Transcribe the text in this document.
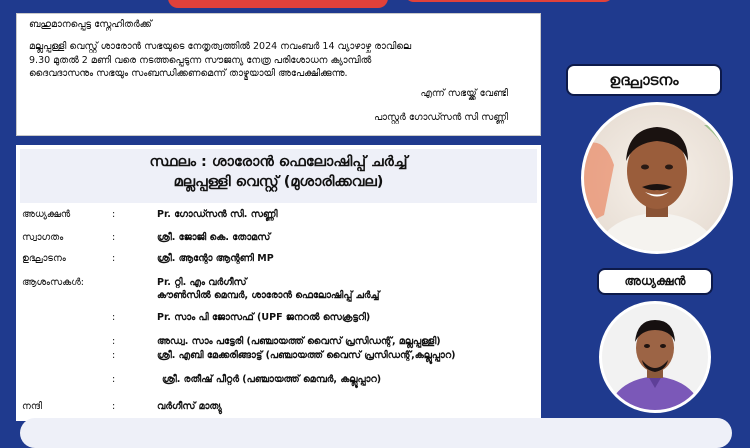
ബഹുമാനപ്പെട്ട സ്നേഹിതർക്ക്

മല്ലപ്പള്ളി വെസ്റ്റ് ശാരോൻ സഭയുടെ നേതൃത്വത്തിൽ 2024 നവംബർ 14 വ്യാഴാഴ്ച രാവിലെ
9.30 മുതൽ 2 മണി വരെ നടത്തപ്പെടുന്ന സൗജന്യ നേത്ര പരിശോധന ക്യാമ്പിൽ
ദൈവദാസനും സഭയും സംബന്ധിക്കണമെന്ന് താഴ്മയായി അപേക്ഷിക്കുന്നു.
എന്ന് സഭയ്ക്ക് വേണ്ടി
പാസ്റ്റർ ഗോഡ്സൻ സി സണ്ണി
സ്ഥലം : ശാരോൻ ഫെലോഷിപ്പ് ചർച്ച്
മല്ലപ്പള്ളി വെസ്റ്റ് (മുശാരിക്കവല)
അധ്യക്ഷൻ	:	Pr. ഗോഡ്സൻ സി. സണ്ണി
സ്വാഗതം	:	ശ്രീ. ജോജി കെ. തോമസ്
ഉദ്ഘാടനം	:	ശ്രീ. ആന്റോ ആന്റണി MP
ആശംസകൾ:	Pr. റ്റി. എം വർഗീസ്
കൗൺസിൽ മെമ്പർ, ശാരോൻ ഫെലോഷിപ്പ് ചർച്ച്
:	Pr. സാം പി ജോസഫ് (UPF ജനറൽ സെക്രട്ടറി)
:	അഡ്വ. സാം പട്ടേരി (പഞ്ചായത്ത് വൈസ് പ്രസിഡന്റ്, മല്ലപ്പള്ളി)
:	ശ്രീ. എബി മേക്കരിങ്ങാട്ട് (പഞ്ചായത്ത് വൈസ് പ്രസിഡന്റ്,കല്ലൂപ്പാറ)
:	ശ്രീ. രതീഷ് പീറ്റർ (പഞ്ചായത്ത് മെമ്പർ, കല്ലൂപ്പാറ)
നന്ദി	:	വർഗീസ് മാത്യു
ഉദ്ഘാടനം
അധ്യക്ഷൻ
